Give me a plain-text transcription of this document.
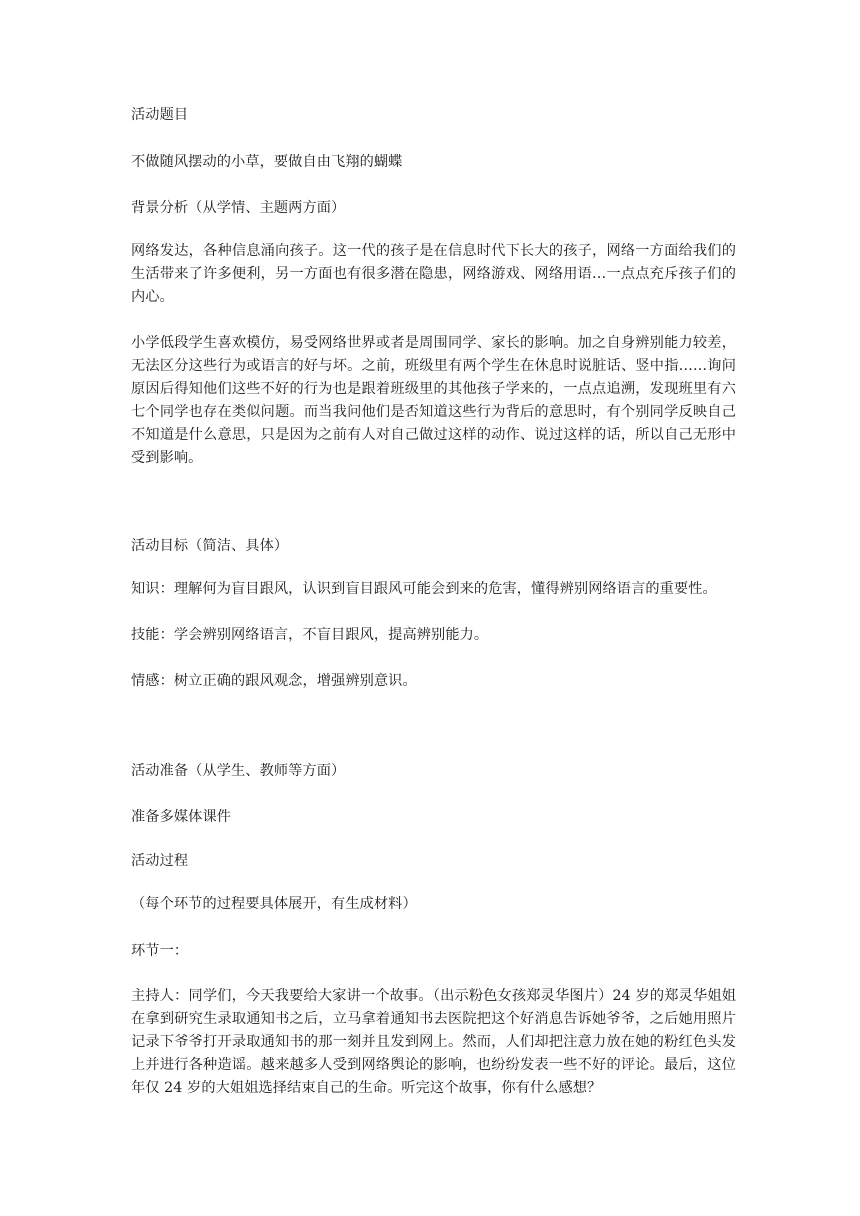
活动题目

不做随风摆动的小草，要做自由飞翔的蝴蝶

背景分析（从学情、主题两方面）

网络发达，各种信息涌向孩子。这一代的孩子是在信息时代下长大的孩子，网络一方面给我们的生活带来了许多便利，另一方面也有很多潜在隐患，网络游戏、网络用语…一点点充斥孩子们的内心。

小学低段学生喜欢模仿，易受网络世界或者是周围同学、家长的影响。加之自身辨别能力较差，无法区分这些行为或语言的好与坏。之前，班级里有两个学生在休息时说脏话、竖中指……询问原因后得知他们这些不好的行为也是跟着班级里的其他孩子学来的，一点点追溯，发现班里有六七个同学也存在类似问题。而当我问他们是否知道这些行为背后的意思时，有个别同学反映自己不知道是什么意思，只是因为之前有人对自己做过这样的动作、说过这样的话，所以自己无形中受到影响。

活动目标（简洁、具体）

知识：理解何为盲目跟风，认识到盲目跟风可能会到来的危害，懂得辨别网络语言的重要性。

技能：学会辨别网络语言，不盲目跟风，提高辨别能力。

情感：树立正确的跟风观念，增强辨别意识。

活动准备（从学生、教师等方面）

准备多媒体课件

活动过程

（每个环节的过程要具体展开，有生成材料）

环节一：

主持人：同学们，今天我要给大家讲一个故事。（出示粉色女孩郑灵华图片）24 岁的郑灵华姐姐在拿到研究生录取通知书之后，立马拿着通知书去医院把这个好消息告诉她爷爷，之后她用照片记录下爷爷打开录取通知书的那一刻并且发到网上。然而，人们却把注意力放在她的粉红色头发上并进行各种造谣。越来越多人受到网络舆论的影响，也纷纷发表一些不好的评论。最后，这位年仅 24 岁的大姐姐选择结束自己的生命。听完这个故事，你有什么感想？
